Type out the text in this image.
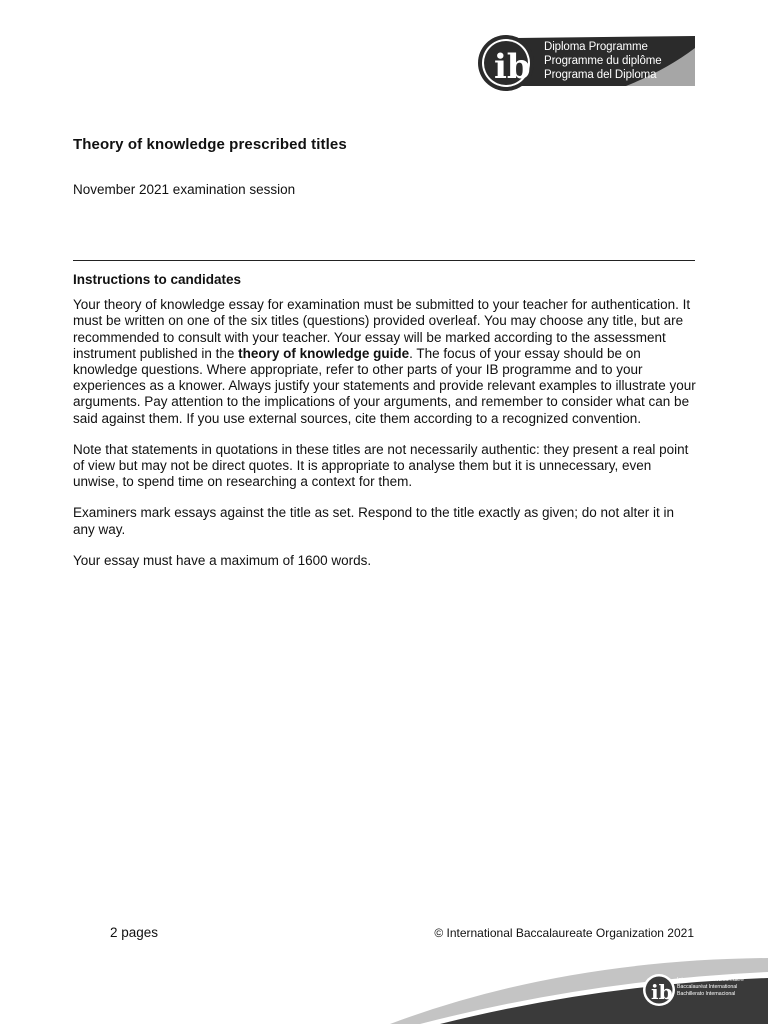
ib Diploma Programme
Programme du diplôme
Programa del Diploma
Theory of knowledge prescribed titles
November 2021 examination session
Instructions to candidates

Your theory of knowledge essay for examination must be submitted to your teacher for authentication. It must be written on one of the six titles (questions) provided overleaf. You may choose any title, but are recommended to consult with your teacher. Your essay will be marked according to the assessment instrument published in the theory of knowledge guide. The focus of your essay should be on knowledge questions. Where appropriate, refer to other parts of your IB programme and to your experiences as a knower. Always justify your statements and provide relevant examples to illustrate your arguments. Pay attention to the implications of your arguments, and remember to consider what can be said against them. If you use external sources, cite them according to a recognized convention.

Note that statements in quotations in these titles are not necessarily authentic: they present a real point of view but may not be direct quotes. It is appropriate to analyse them but it is unnecessary, even unwise, to spend time on researching a context for them.

Examiners mark essays against the title as set. Respond to the title exactly as given; do not alter it in any way.

Your essay must have a maximum of 1600 words.

2 pages	© International Baccalaureate Organization 2021
ib International Baccalaureate®
Baccalauréat International
Bachillerato Internacional
